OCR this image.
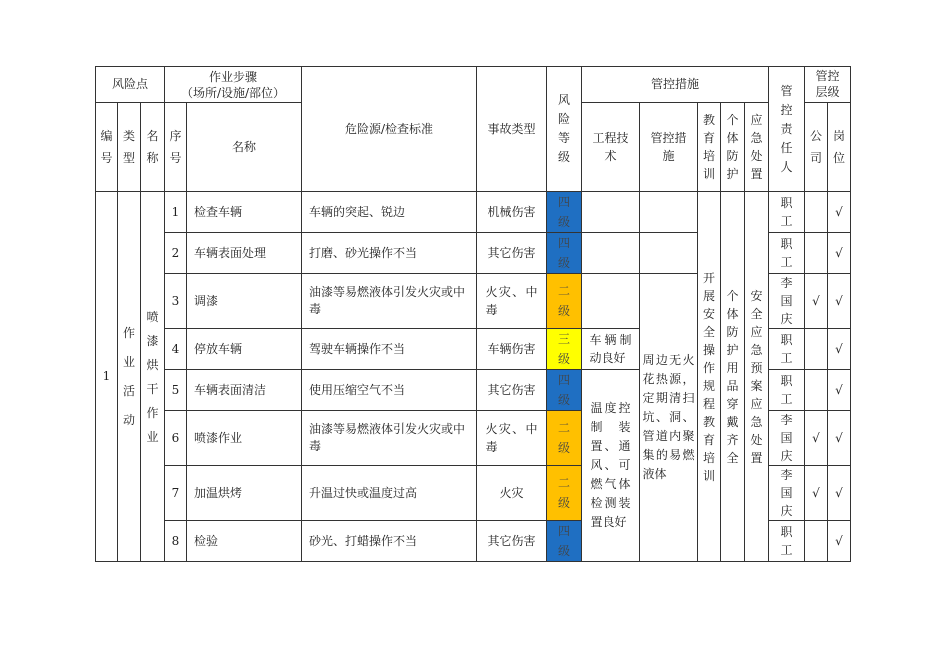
风险点			作业步骤
（场所/设施/部位）		危险源/检查标准	事故类型	风险等级	管控措施					管控责任人	管控层级	
编号	类型	名称	序号	名称				工程技术	管控措施	教育培训	个体防护	应急处置		公司	岗位
1	作业活动	喷漆烘干作业	1	检查车辆	车辆的突起、锐边	机械伤害	四级			开展安全操作规程教育培训	个体防护用品穿戴齐全	安全应急预案应急处置	职工		√
			2	车辆表面处理	打磨、砂光操作不当	其它伤害	四级						职工		√
			3	调漆	油漆等易燃液体引发火灾或中毒	火灾、中毒	二级		周边无火花热源，定期清扫坑、洞、管道内聚集的易燃液体				李国庆	√	√
			4	停放车辆	驾驶车辆操作不当	车辆伤害	三级	车辆制动良好					职工		√
			5	车辆表面清洁	使用压缩空气不当	其它伤害	四级	温度控制装置、通风、可燃气体检测装置良好					职工		√
			6	喷漆作业	油漆等易燃液体引发火灾或中毒	火灾、中毒	二级						李国庆	√	√
			7	加温烘烤	升温过快或温度过高	火灾	二级						李国庆	√	√
			8	检验	砂光、打蜡操作不当	其它伤害	四级						职工		√
